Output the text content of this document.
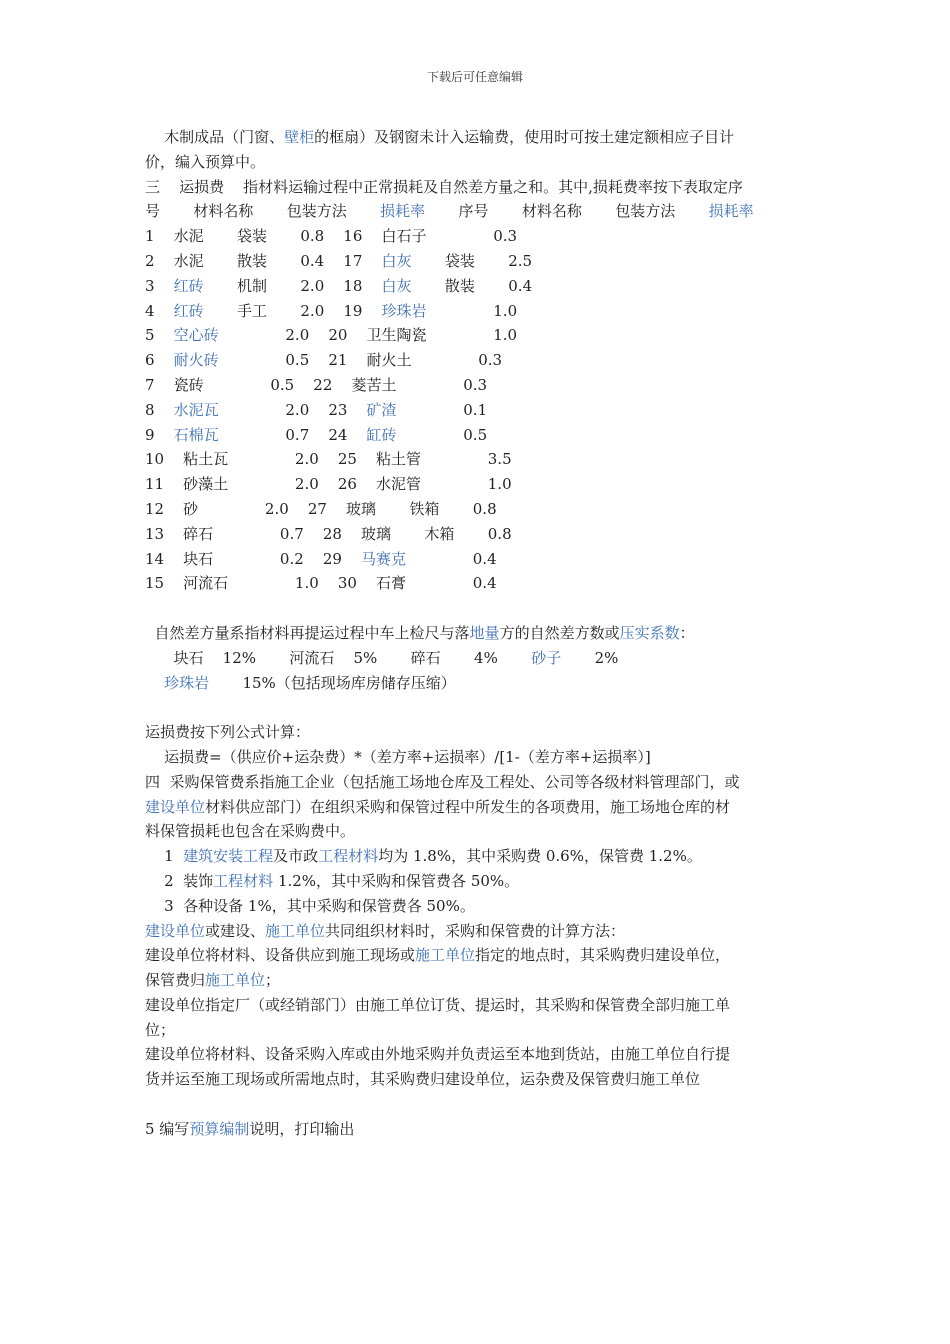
下载后可任意编辑
木制成品（门窗、壁柜的框扇）及钢窗未计入运输费，使用时可按土建定额相应子目计
价，编入预算中。
三    运损费    指材料运输过程中正常损耗及自然差方量之和。其中,损耗费率按下表取定序
号       材料名称       包装方法       损耗率       序号       材料名称       包装方法       损耗率
1    水泥       袋装       0.8    16    白石子              0.3
2    水泥       散装       0.4    17    白灰       袋装       2.5
3    红砖       机制       2.0    18    白灰       散装       0.4
4    红砖       手工       2.0    19    珍珠岩              1.0
5    空心砖              2.0    20    卫生陶瓷              1.0
6    耐火砖              0.5    21    耐火土              0.3
7    瓷砖              0.5    22    菱苦土              0.3
8    水泥瓦              2.0    23    矿渣              0.1
9    石棉瓦              0.7    24    缸砖              0.5
10    粘土瓦              2.0    25    粘土管              3.5
11    砂藻土              2.0    26    水泥管              1.0
12    砂              2.0    27    玻璃       铁箱       0.8
13    碎石              0.7    28    玻璃       木箱       0.8
14    块石              0.2    29    马赛克              0.4
15    河流石              1.0    30    石膏              0.4
自然差方量系指材料再提运过程中车上检尺与落地量方的自然差方数或压实系数：
块石    12%       河流石    5%       碎石       4%       砂子       2%
珍珠岩       15%（包括现场库房储存压缩）
运损费按下列公式计算：
运损费=（供应价+运杂费）*（差方率+运损率）/[1-（差方率+运损率）]
四  采购保管费系指施工企业（包括施工场地仓库及工程处、公司等各级材料管理部门，或
建设单位材料供应部门）在组织采购和保管过程中所发生的各项费用，施工场地仓库的材
料保管损耗也包含在采购费中。
1  建筑安装工程及市政工程材料均为 1.8%，其中采购费 0.6%，保管费 1.2%。
2  装饰工程材料 1.2%，其中采购和保管费各 50%。
3  各种设备 1%，其中采购和保管费各 50%。
建设单位或建设、施工单位共同组织材料时，采购和保管费的计算方法：
建设单位将材料、设备供应到施工现场或施工单位指定的地点时，其采购费归建设单位，
保管费归施工单位；
建设单位指定厂（或经销部门）由施工单位订货、提运时，其采购和保管费全部归施工单
位；
建设单位将材料、设备采购入库或由外地采购并负责运至本地到货站，由施工单位自行提
货并运至施工现场或所需地点时，其采购费归建设单位，运杂费及保管费归施工单位
5 编写预算编制说明，打印输出
